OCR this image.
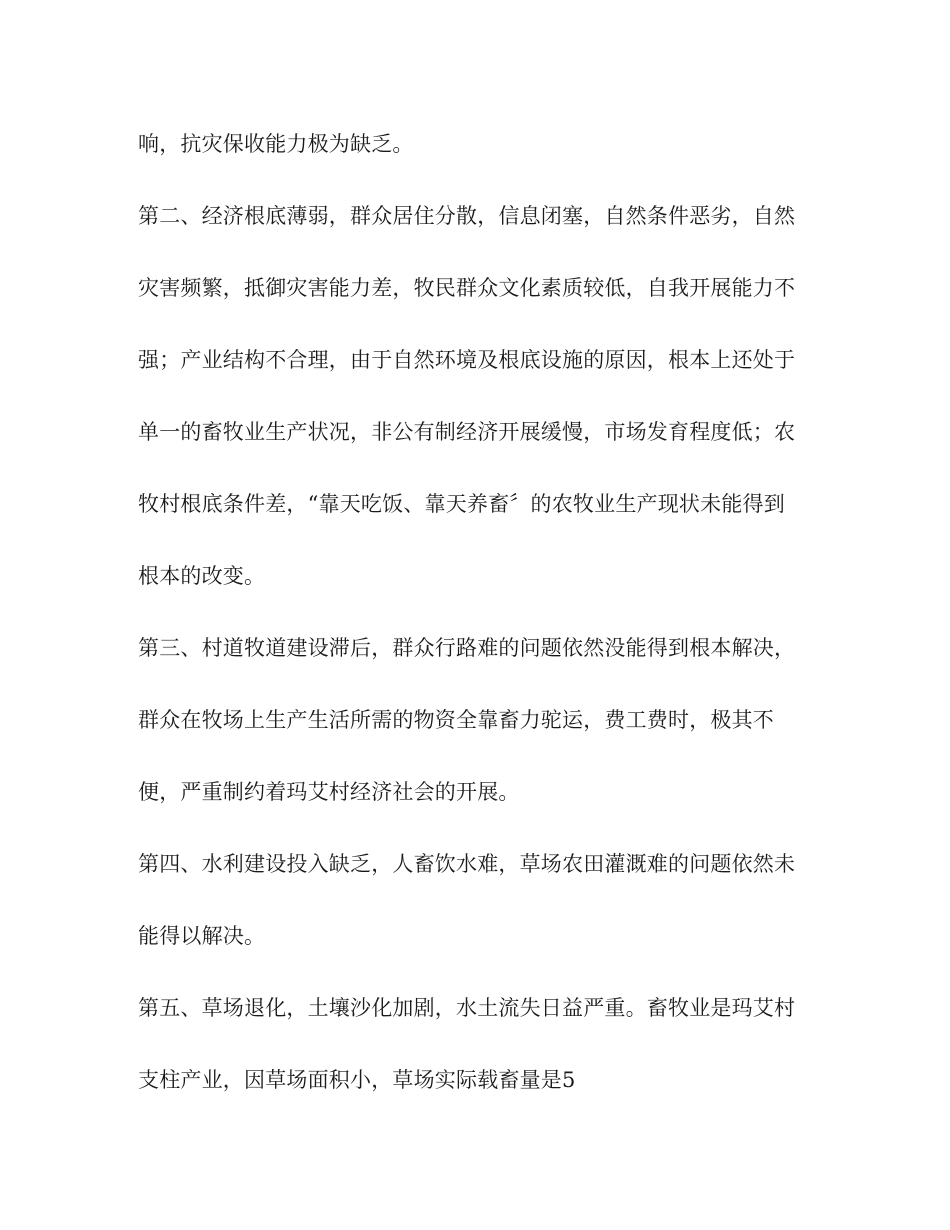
响，抗灾保收能力极为缺乏。

第二、经济根底薄弱，群众居住分散，信息闭塞，自然条件恶劣，自然

灾害频繁，抵御灾害能力差，牧民群众文化素质较低，自我开展能力不

强；产业结构不合理，由于自然环境及根底设施的原因，根本上还处于

单一的畜牧业生产状况，非公有制经济开展缓慢，市场发育程度低；农

牧村根底条件差，“靠天吃饭、靠天养畜〞的农牧业生产现状未能得到

根本的改变。

第三、村道牧道建设滞后，群众行路难的问题依然没能得到根本解决，

群众在牧场上生产生活所需的物资全靠畜力驼运，费工费时，极其不

便，严重制约着玛艾村经济社会的开展。

第四、水利建设投入缺乏，人畜饮水难，草场农田灌溉难的问题依然未

能得以解决。

第五、草场退化，土壤沙化加剧，水土流失日益严重。畜牧业是玛艾村

支柱产业，因草场面积小，草场实际载畜量是5
